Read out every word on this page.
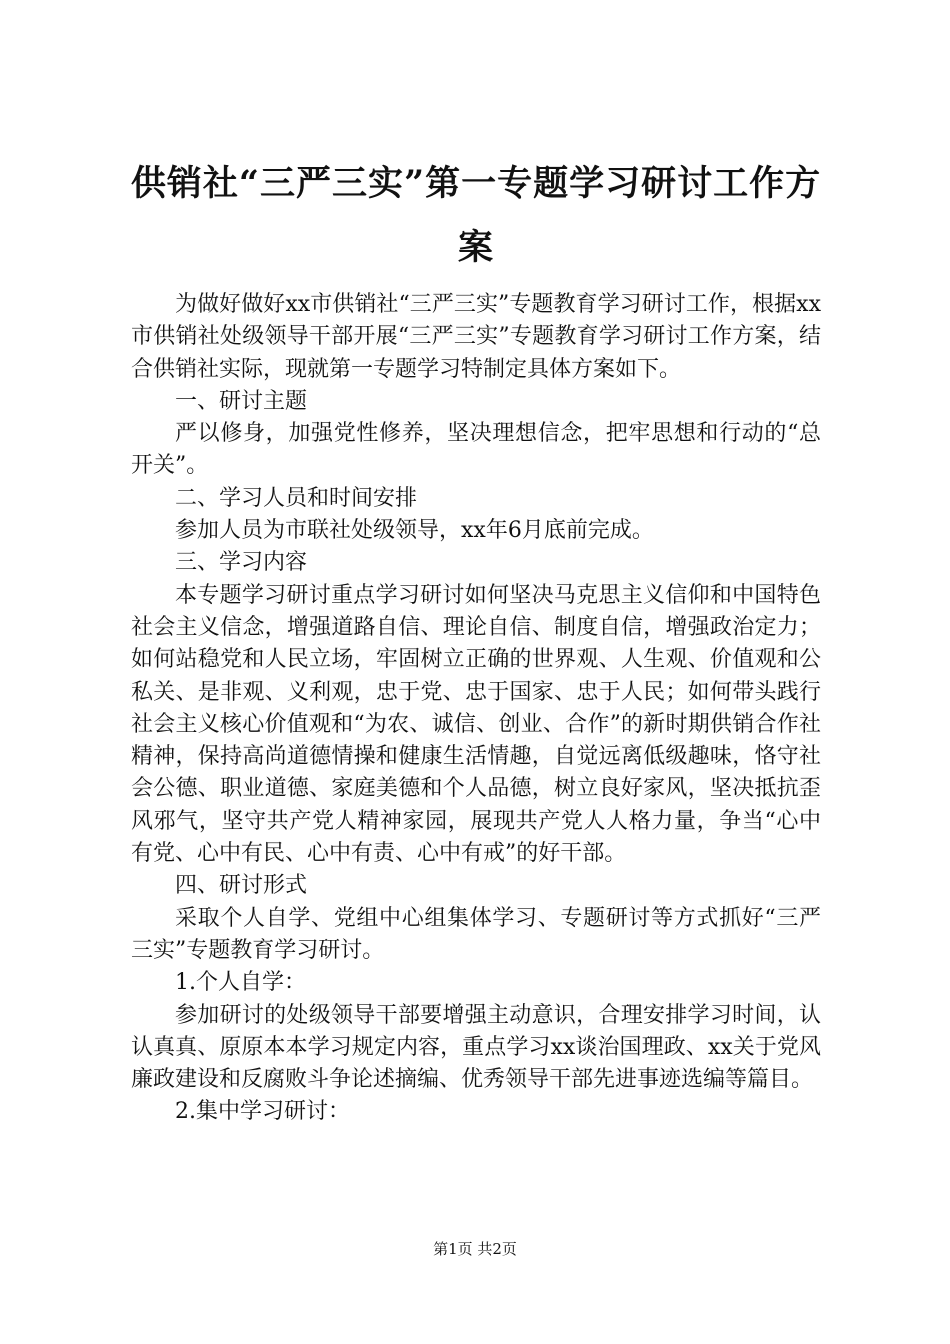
供销社“三严三实”第一专题学习研讨工作方案

为做好做好xx市供销社“三严三实”专题教育学习研讨工作，根据xx市供销社处级领导干部开展“三严三实”专题教育学习研讨工作方案，结合供销社实际，现就第一专题学习特制定具体方案如下。

一、研讨主题

严以修身，加强党性修养，坚决理想信念，把牢思想和行动的“总开关”。

二、学习人员和时间安排

参加人员为市联社处级领导，xx年6月底前完成。

三、学习内容

本专题学习研讨重点学习研讨如何坚决马克思主义信仰和中国特色社会主义信念，增强道路自信、理论自信、制度自信，增强政治定力；如何站稳党和人民立场，牢固树立正确的世界观、人生观、价值观和公私关、是非观、义利观，忠于党、忠于国家、忠于人民；如何带头践行社会主义核心价值观和“为农、诚信、创业、合作”的新时期供销合作社精神，保持高尚道德情操和健康生活情趣，自觉远离低级趣味，恪守社会公德、职业道德、家庭美德和个人品德，树立良好家风，坚决抵抗歪风邪气，坚守共产党人精神家园，展现共产党人人格力量，争当“心中有党、心中有民、心中有责、心中有戒”的好干部。

四、研讨形式

采取个人自学、党组中心组集体学习、专题研讨等方式抓好“三严三实”专题教育学习研讨。

1.个人自学：

参加研讨的处级领导干部要增强主动意识，合理安排学习时间，认认真真、原原本本学习规定内容，重点学习xx谈治国理政、xx关于党风廉政建设和反腐败斗争论述摘编、优秀领导干部先进事迹选编等篇目。

2.集中学习研讨：

第1页 共2页
